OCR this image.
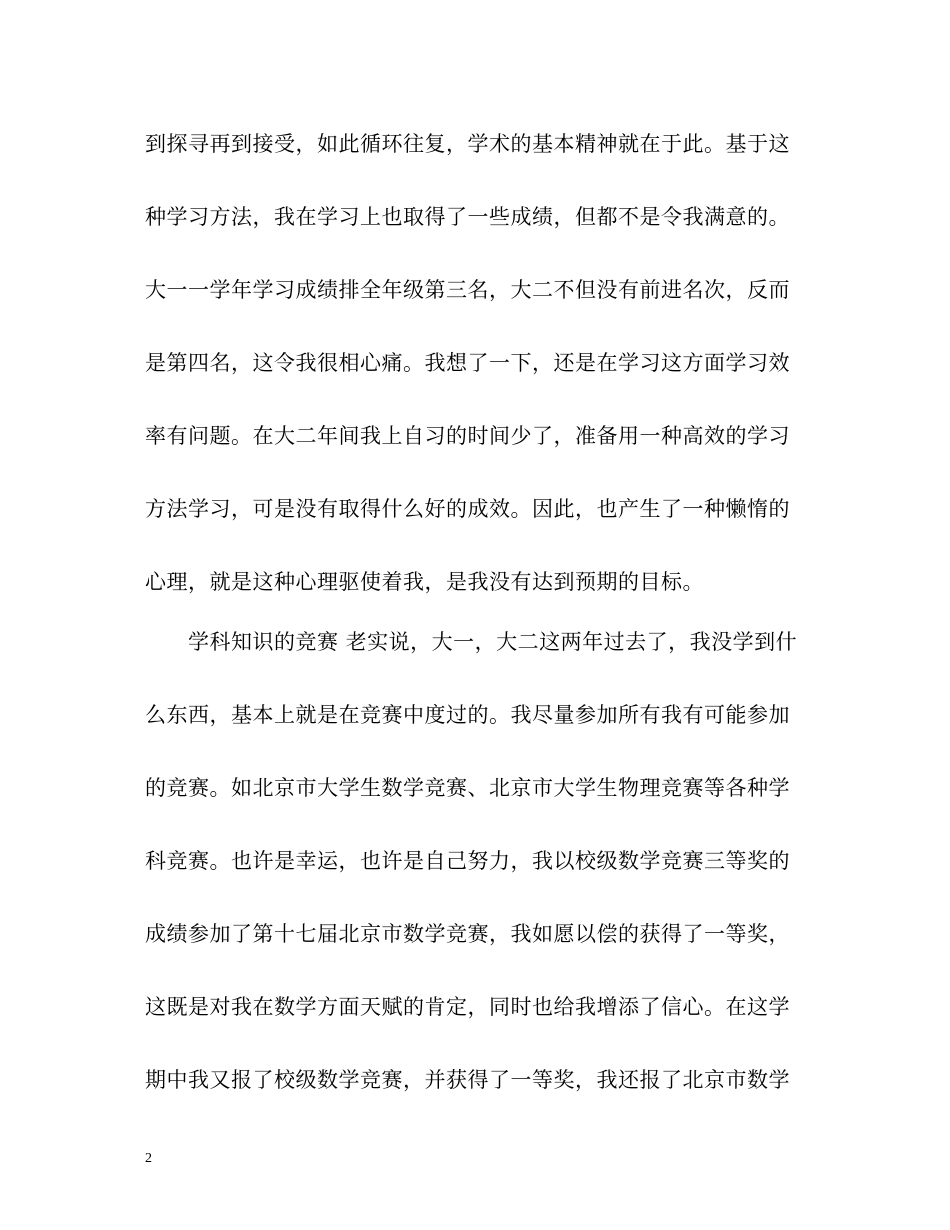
到探寻再到接受，如此循环往复，学术的基本精神就在于此。基于这
种学习方法，我在学习上也取得了一些成绩，但都不是令我满意的。
大一一学年学习成绩排全年级第三名，大二不但没有前进名次，反而
是第四名，这令我很相心痛。我想了一下，还是在学习这方面学习效
率有问题。在大二年间我上自习的时间少了，准备用一种高效的学习
方法学习，可是没有取得什么好的成效。因此，也产生了一种懒惰的
心理，就是这种心理驱使着我，是我没有达到预期的目标。
　　学科知识的竞赛 老实说，大一，大二这两年过去了，我没学到什
么东西，基本上就是在竞赛中度过的。我尽量参加所有我有可能参加
的竞赛。如北京市大学生数学竞赛、北京市大学生物理竞赛等各种学
科竞赛。也许是幸运，也许是自己努力，我以校级数学竞赛三等奖的
成绩参加了第十七届北京市数学竞赛，我如愿以偿的获得了一等奖，
这既是对我在数学方面天赋的肯定，同时也给我增添了信心。在这学
期中我又报了校级数学竞赛，并获得了一等奖，我还报了北京市数学
2
